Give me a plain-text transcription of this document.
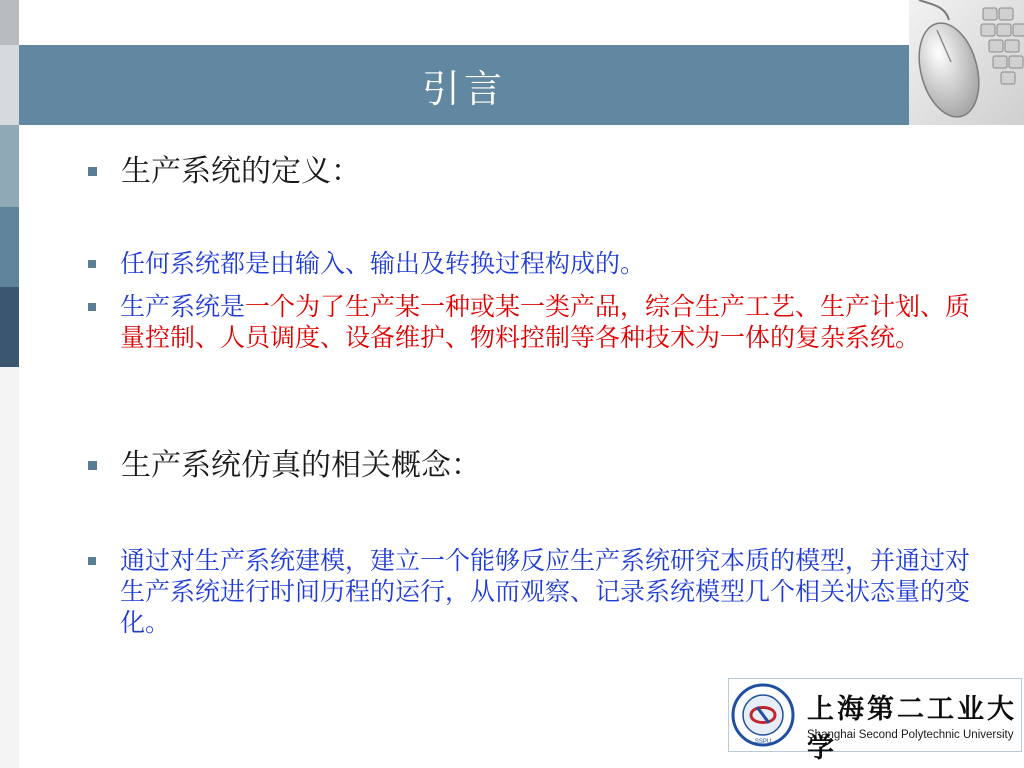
引言
生产系统的定义：
任何系统都是由输入、输出及转换过程构成的。
生产系统是一个为了生产某一种或某一类产品，综合生产工艺、生产计划、质量控制、人员调度、设备维护、物料控制等各种技术为一体的复杂系统。
生产系统仿真的相关概念：
通过对生产系统建模，建立一个能够反应生产系统研究本质的模型，并通过对生产系统进行时间历程的运行，从而观察、记录系统模型几个相关状态量的变化。
SSPU
上海第二工业大学
Shanghai Second Polytechnic University
